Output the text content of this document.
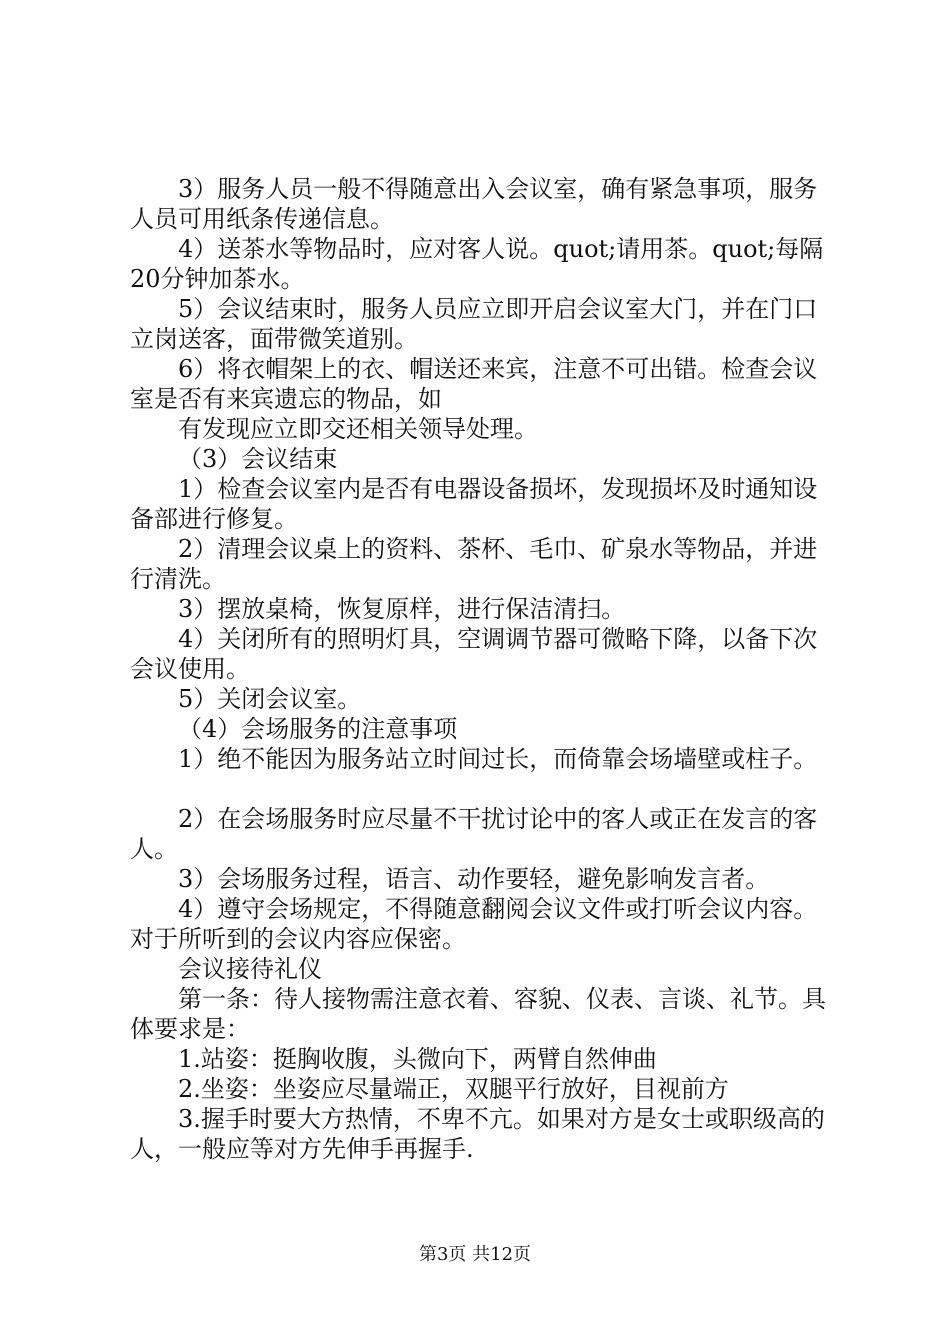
3）服务人员一般不得随意出入会议室，确有紧急事项，服务人员可用纸条传递信息。

4）送茶水等物品时，应对客人说。quot;请用茶。quot;每隔20分钟加茶水。

5）会议结束时，服务人员应立即开启会议室大门，并在门口立岗送客，面带微笑道别。

6）将衣帽架上的衣、帽送还来宾，注意不可出错。检查会议室是否有来宾遗忘的物品，如

有发现应立即交还相关领导处理。

（3）会议结束

1）检查会议室内是否有电器设备损坏，发现损坏及时通知设备部进行修复。

2）清理会议桌上的资料、茶杯、毛巾、矿泉水等物品，并进行清洗。

3）摆放桌椅，恢复原样，进行保洁清扫。

4）关闭所有的照明灯具，空调调节器可微略下降，以备下次会议使用。

5）关闭会议室。

（4）会场服务的注意事项

1）绝不能因为服务站立时间过长，而倚靠会场墙壁或柱子。

2）在会场服务时应尽量不干扰讨论中的客人或正在发言的客人。

3）会场服务过程，语言、动作要轻，避免影响发言者。

4）遵守会场规定，不得随意翻阅会议文件或打听会议内容。对于所听到的会议内容应保密。

会议接待礼仪

第一条：待人接物需注意衣着、容貌、仪表、言谈、礼节。具体要求是：

1.站姿：挺胸收腹，头微向下，两臂自然伸曲

2.坐姿：坐姿应尽量端正，双腿平行放好，目视前方

3.握手时要大方热情，不卑不亢。如果对方是女士或职级高的人，一般应等对方先伸手再握手.

第3页 共12页
